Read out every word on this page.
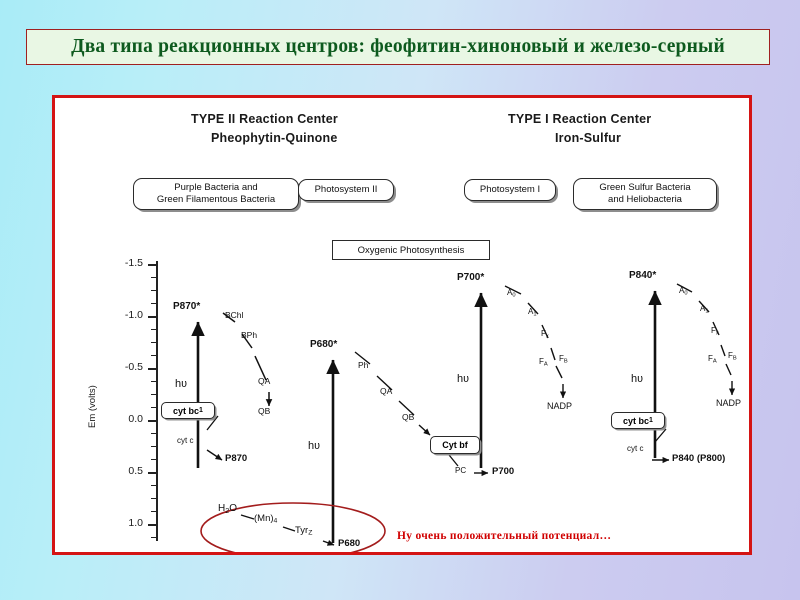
Два типа реакционных центров: феофитин-хиноновый и железо-серный
TYPE II Reaction Center
Pheophytin-Quinone
TYPE I Reaction Center
Iron-Sulfur
Purple Bacteria and
Green Filamentous Bacteria
Photosystem II	Photosystem I	Green Sulfur Bacteria
and Heliobacteria
Oxygenic Photosynthesis
Em (volts)
-1.5
-1.0
-0.5
0.0
0.5
1.0
P870*
BChl
BPh
QA
QB
hʋ
cyt bc 1
cyt c
P870
P680*
Ph
QA
QB
hʋ	Cyt bf
PC
P700*
$A_0$
$A_1$
$F_x$
$F_A$
$F_B$
NADP
hʋ
P700
P840*
$A_0$
$A_1$
$F_x$
$F_A$
$F_B$
NADP
hʋ
cyt bc 1
cyt c
P840 (P800)
$H_2O$
$(Mn)_4$
Tyr$_Z$
P680
Ну очень положительный потенциал…
